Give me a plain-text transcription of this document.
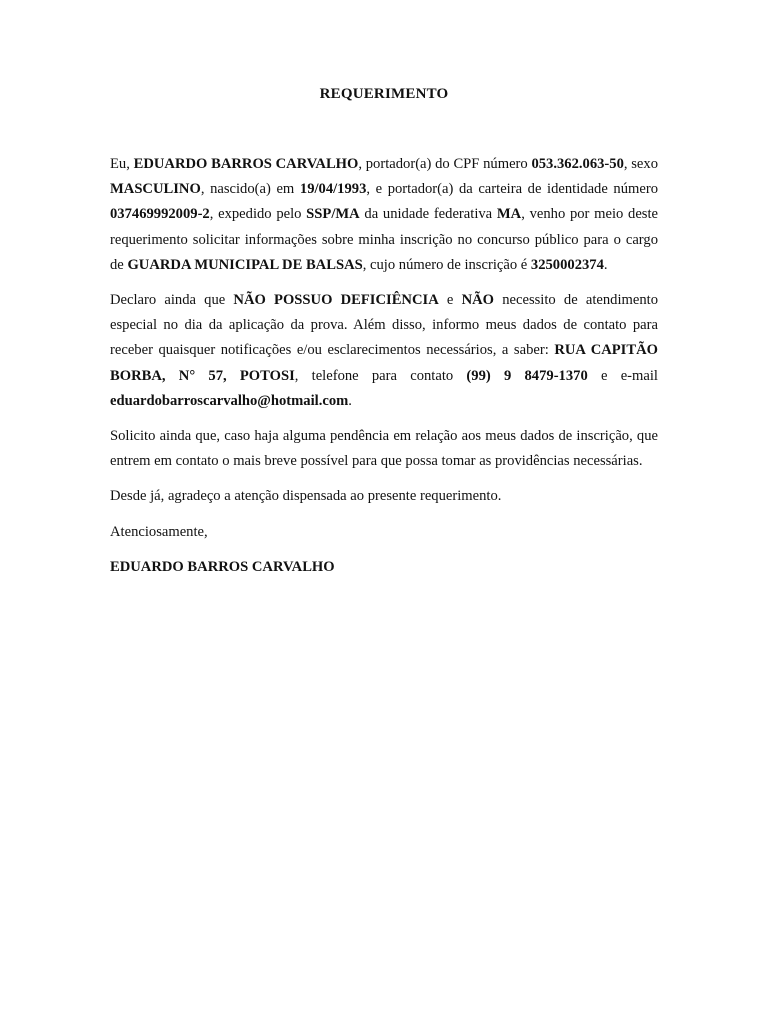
REQUERIMENTO

Eu, EDUARDO BARROS CARVALHO, portador(a) do CPF número 053.362.063-50, sexo MASCULINO, nascido(a) em 19/04/1993, e portador(a) da carteira de identidade número 037469992009-2, expedido pelo SSP/MA da unidade federativa MA, venho por meio deste requerimento solicitar informações sobre minha inscrição no concurso público para o cargo de GUARDA MUNICIPAL DE BALSAS, cujo número de inscrição é 3250002374.

Declaro ainda que NÃO POSSUO DEFICIÊNCIA e NÃO necessito de atendimento especial no dia da aplicação da prova. Além disso, informo meus dados de contato para receber quaisquer notificações e/ou esclarecimentos necessários, a saber: RUA CAPITÃO BORBA, N° 57, POTOSI, telefone para contato (99) 9 8479-1370 e e-mail eduardobarroscarvalho@hotmail.com.

Solicito ainda que, caso haja alguma pendência em relação aos meus dados de inscrição, que entrem em contato o mais breve possível para que possa tomar as providências necessárias.

Desde já, agradeço a atenção dispensada ao presente requerimento.

Atenciosamente,

EDUARDO BARROS CARVALHO
